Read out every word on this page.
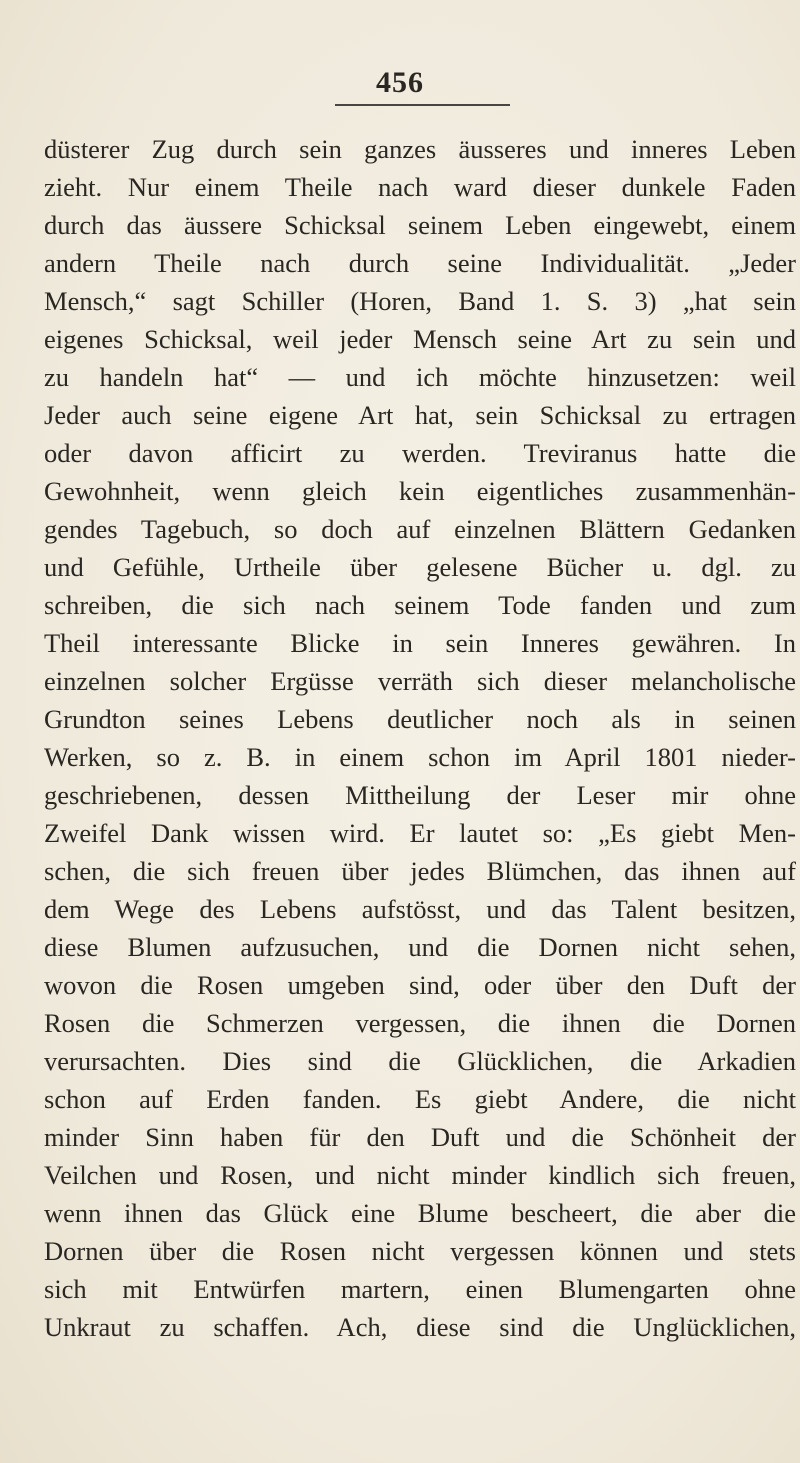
456
düsterer Zug durch sein ganzes äusseres und inneres Leben
zieht. Nur einem Theile nach ward dieser dunkele Faden
durch das äussere Schicksal seinem Leben eingewebt, einem
andern Theile nach durch seine Individualität. „Jeder
Mensch,“ sagt Schiller (Horen, Band 1. S. 3) „hat sein
eigenes Schicksal, weil jeder Mensch seine Art zu sein und
zu handeln hat“ — und ich möchte hinzusetzen: weil
Jeder auch seine eigene Art hat, sein Schicksal zu ertragen
oder davon afficirt zu werden. Treviranus hatte die
Gewohnheit, wenn gleich kein eigentliches zusammenhän-
gendes Tagebuch, so doch auf einzelnen Blättern Gedanken
und Gefühle, Urtheile über gelesene Bücher u. dgl. zu
schreiben, die sich nach seinem Tode fanden und zum
Theil interessante Blicke in sein Inneres gewähren. In
einzelnen solcher Ergüsse verräth sich dieser melancholische
Grundton seines Lebens deutlicher noch als in seinen
Werken, so z. B. in einem schon im April 1801 nieder-
geschriebenen, dessen Mittheilung der Leser mir ohne
Zweifel Dank wissen wird. Er lautet so: „Es giebt Men-
schen, die sich freuen über jedes Blümchen, das ihnen auf
dem Wege des Lebens aufstösst, und das Talent besitzen,
diese Blumen aufzusuchen, und die Dornen nicht sehen,
wovon die Rosen umgeben sind, oder über den Duft der
Rosen die Schmerzen vergessen, die ihnen die Dornen
verursachten. Dies sind die Glücklichen, die Arkadien
schon auf Erden fanden. Es giebt Andere, die nicht
minder Sinn haben für den Duft und die Schönheit der
Veilchen und Rosen, und nicht minder kindlich sich freuen,
wenn ihnen das Glück eine Blume bescheert, die aber die
Dornen über die Rosen nicht vergessen können und stets
sich mit Entwürfen martern, einen Blumengarten ohne
Unkraut zu schaffen. Ach, diese sind die Unglücklichen,
